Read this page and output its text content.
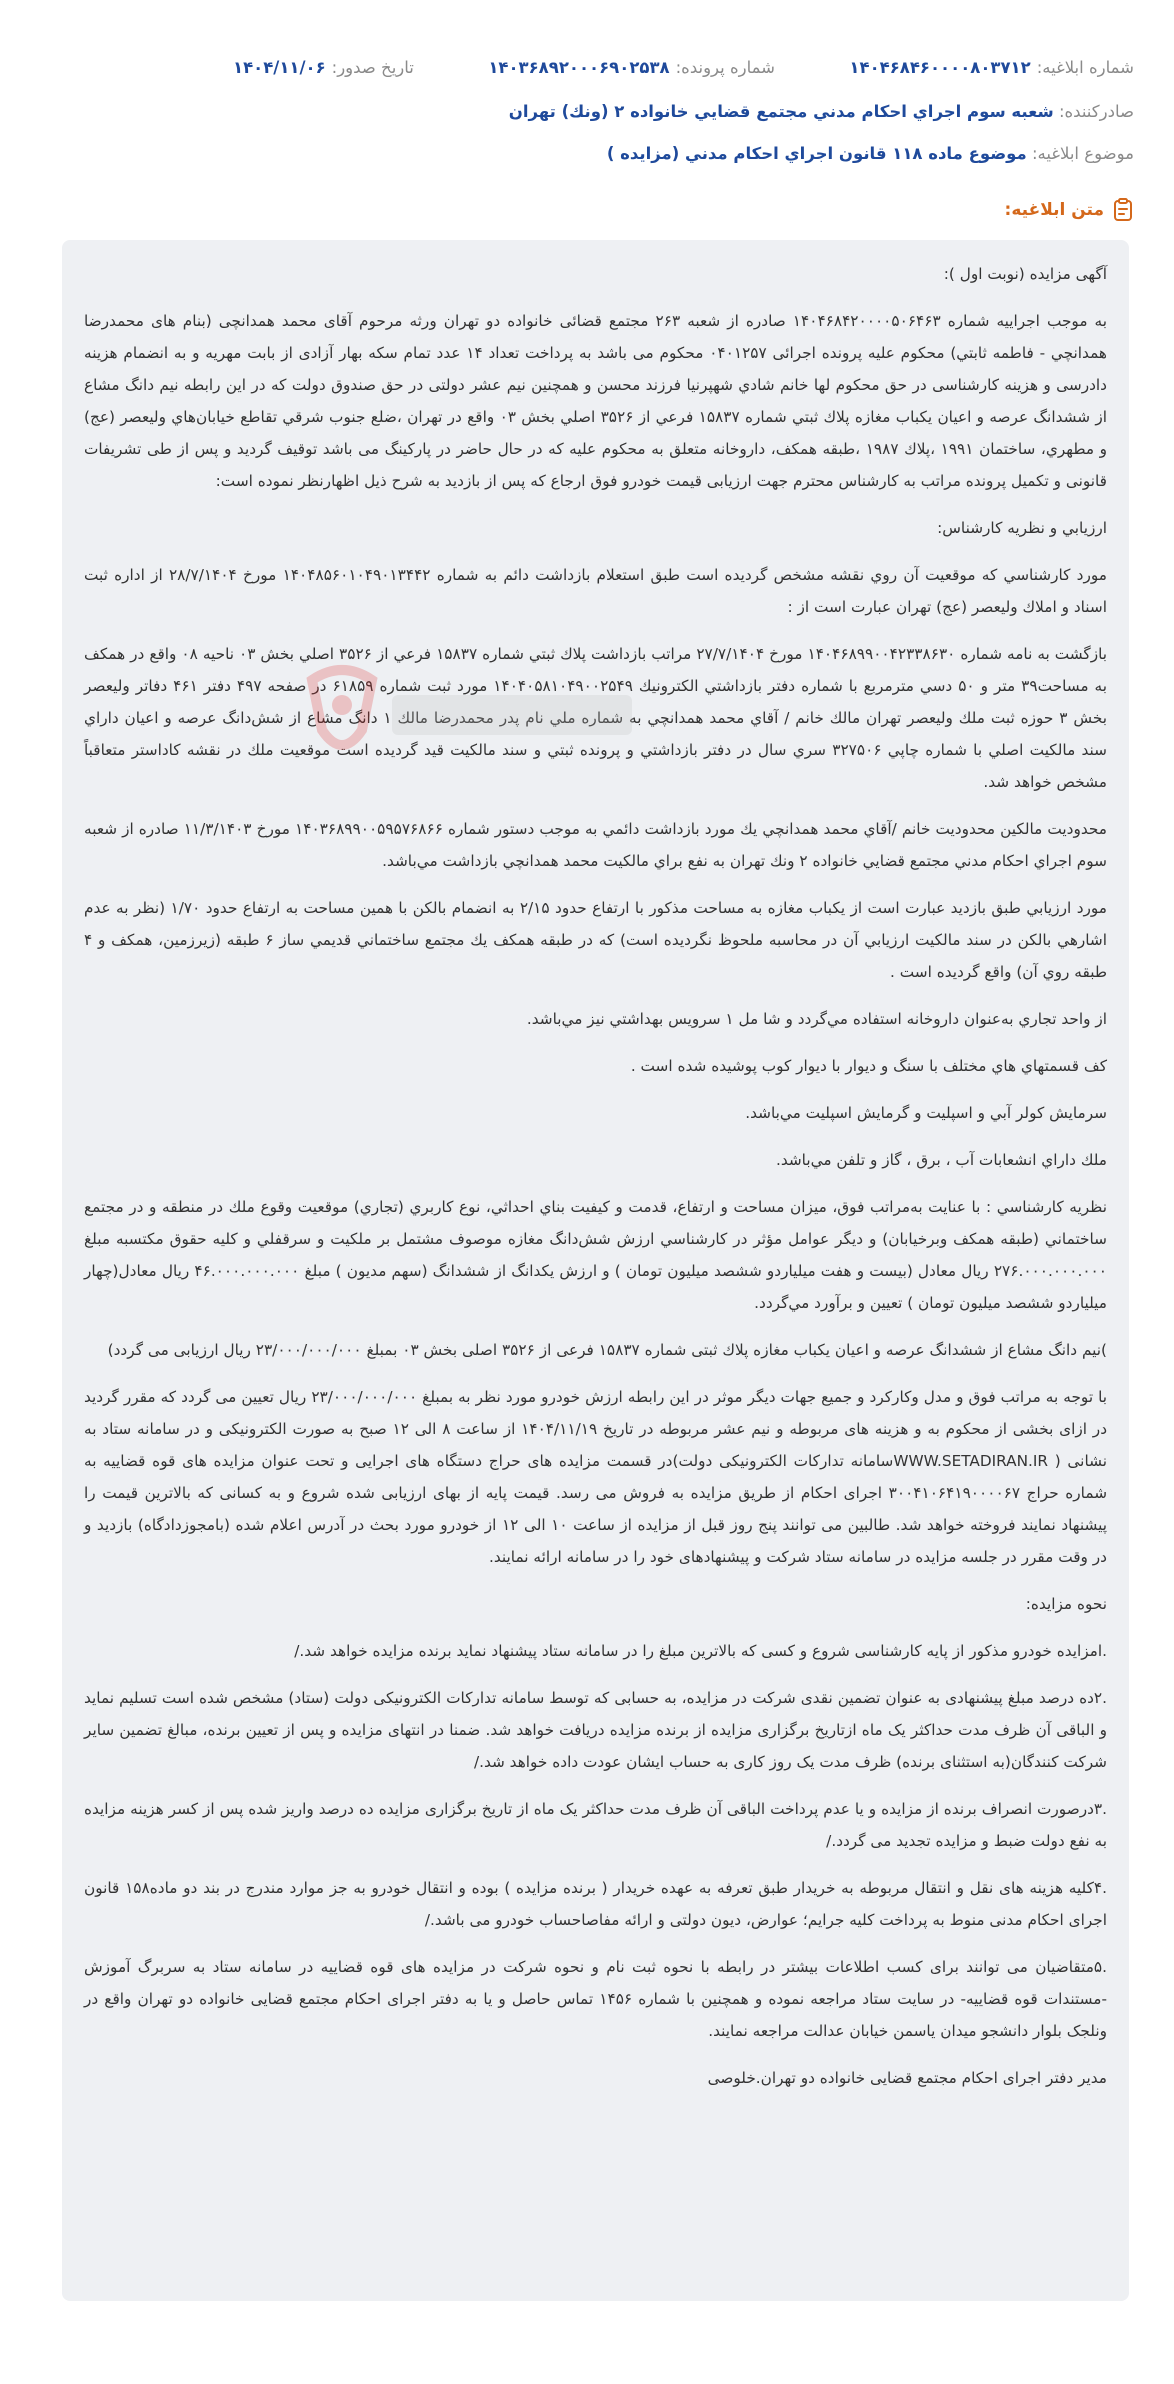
شماره ابلاغیه:
۱۴۰۴۶۸۴۶۰۰۰۰۸۰۳۷۱۲
شماره پرونده:
۱۴۰۳۶۸۹۲۰۰۰۶۹۰۲۵۳۸
تاریخ صدور:
۱۴۰۴/۱۱/۰۶
صادرکننده: شعبه سوم اجراي احكام مدني مجتمع قضايي خانواده ۲ (ونك) تهران
موضوع ابلاغیه: موضوع ماده ۱۱۸ قانون اجراي احكام مدني (مزايده )
متن ابلاغیه:

آگهی مزایده (نوبت اول ):

به موجب اجراييه شماره ۱۴۰۴۶۸۴۲۰۰۰۰۵۰۶۴۶۳ صادره از شعبه ۲۶۳ مجتمع قضائی خانواده دو تهران ورثه مرحوم آقای محمد همدانچی (بنام های محمدرضا همدانچي - فاطمه ثابتي) محكوم عليه پرونده اجرائی ۰۴۰۱۲۵۷ محكوم می باشد به پرداخت تعداد ۱۴ عدد تمام سكه بهار آزادی از بابت مهريه و به انضمام هزينه دادرسی و هزينه كارشناسی در حق محكوم لها خانم شادي شهپرنيا فرزند محسن و همچنين نيم عشر دولتی در حق صندوق دولت كه در اين رابطه نيم دانگ مشاع از ششدانگ عرصه و اعيان يكباب مغازه پلاك ثبتي شماره ۱۵۸۳۷ فرعي از ۳۵۲۶ اصلي بخش ۰۳ واقع در تهران ،ضلع جنوب شرقي تقاطع خيابان‌هاي وليعصر (عج) و مطهري، ساختمان ۱۹۹۱ ،پلاك ۱۹۸۷ ،طبقه همكف، داروخانه متعلق به محكوم عليه كه در حال حاضر در پاركينگ می باشد توقيف گرديد و پس از طی تشريفات قانونی و تكميل پرونده مراتب به كارشناس محترم جهت ارزيابی قيمت خودرو فوق ارجاع كه پس از بازديد به شرح ذيل اظهارنظر نموده است:

ارزيابي و نظريه كارشناس:

مورد كارشناسي كه موقعيت آن روي نقشه مشخص گرديده است طبق استعلام بازداشت دائم به شماره ۱۴۰۴۸۵۶۰۱۰۴۹۰۱۳۴۴۲ مورخ ۲۸/۷/۱۴۰۴ از اداره ثبت اسناد و املاك وليعصر (عج) تهران عبارت است از :

بازگشت به نامه شماره ۱۴۰۴۶۸۹۹۰۰۴۲۳۳۸۶۳۰ مورخ ۲۷/۷/۱۴۰۴ مراتب بازداشت پلاك ثبتي شماره ۱۵۸۳۷ فرعي از ۳۵۲۶ اصلي بخش ۰۳ ناحيه ۰۸ واقع در همكف به مساحت۳۹ متر و ۵۰ دسي مترمربع با شماره دفتر بازداشتي الكترونيك ۱۴۰۴۰۵۸۱۰۴۹۰۰۲۵۴۹ مورد ثبت شماره ۶۱۸۵۹ در صفحه ۴۹۷ دفتر ۴۶۱ دفاتر وليعصر بخش ۳ حوزه ثبت ملك وليعصر تهران مالك خانم / آقاي محمد همدانچي به شماره ملي نام پدر محمدرضا مالك ۱ دانگ مشاع از شش‌دانگ عرصه و اعيان داراي سند مالكيت اصلي با شماره چاپي ۳۲۷۵۰۶ سري سال در دفتر بازداشتي و پرونده ثبتي و سند مالكيت قيد گرديده است موقعيت ملك در نقشه كاداستر متعاقباً مشخص خواهد شد.

محدوديت مالكين محدوديت خانم /آقاي محمد همدانچي يك مورد بازداشت دائمي به موجب دستور شماره ۱۴۰۳۶۸۹۹۰۰۵۹۵۷۶۸۶۶ مورخ ۱۱/۳/۱۴۰۳ صادره از شعبه سوم اجراي احكام مدني مجتمع قضايي خانواده ۲ ونك تهران به نفع براي مالكيت محمد همدانچي بازداشت مي‌باشد.

مورد ارزيابي طبق بازديد عبارت است از يكباب مغازه به مساحت مذكور با ارتفاع حدود ۲/۱۵ به انضمام بالكن با همين مساحت به ارتفاع حدود ۱/۷۰ (نظر به عدم اشارهي بالكن در سند مالكيت ارزيابي آن در محاسبه ملحوظ نگرديده است) كه در طبقه همكف يك مجتمع ساختماني قديمي ساز ۶ طبقه (زيرزمين، همكف و ۴ طبقه روي آن) واقع گرديده است .

از واحد تجاري به‌عنوان داروخانه استفاده مي‌گردد و شا مل ۱ سرويس بهداشتي نيز مي‌باشد.

كف قسمتهاي هاي مختلف با سنگ و ديوار با ديوار كوب پوشيده شده است .

سرمايش كولر آبي و اسپليت و گرمايش اسپليت مي‌باشد.

ملك داراي انشعابات آب ، برق ، گاز و تلفن مي‌باشد.

نظريه كارشناسي : با عنايت به‌مراتب فوق، ميزان مساحت و ارتفاع، قدمت و كيفيت بناي احداثي، نوع كاربري (تجاري) موقعيت وقوع ملك در منطقه و در مجتمع ساختماني (طبقه همكف وبرخيابان) و ديگر عوامل مؤثر در كارشناسي ارزش شش‌دانگ مغازه موصوف مشتمل بر ملكيت و سرقفلي و كليه حقوق مكتسبه مبلغ ۲۷۶.۰۰۰.۰۰۰.۰۰۰ ريال معادل (بيست و هفت ميلياردو ششصد ميليون تومان ) و ارزش يكدانگ از ششدانگ (سهم مديون ) مبلغ ۴۶.۰۰۰.۰۰۰.۰۰۰ ريال معادل(چهار ميلياردو ششصد ميليون تومان ) تعيين و برآورد مي‌گردد.

)نيم دانگ مشاع از ششدانگ عرصه و اعيان يكباب مغازه پلاك ثبتی شماره ۱۵۸۳۷ فرعی از ۳۵۲۶ اصلی بخش ۰۳ بمبلغ ۲۳/۰۰۰/۰۰۰/۰۰۰ ريال ارزيابی می گردد)

با توجه به مراتب فوق و مدل وكاركرد و جميع جهات ديگر موثر در اين رابطه ارزش خودرو مورد نظر به بمبلغ ۲۳/۰۰۰/۰۰۰/۰۰۰ ريال تعيين می گردد كه مقرر گرديد در ازای بخشی از محكوم به و هزينه های مربوطه و نيم عشر مربوطه در تاريخ ۱۴۰۴/۱۱/۱۹ از ساعت ۸ الی ۱۲ صبح به صورت الكترونيكی و در سامانه ستاد به نشانی ( WWW.SETADIRAN.IRسامانه تداركات الكترونيكی دولت)در قسمت مزايده های حراج دستگاه های اجرايی و تحت عنوان مزايده های قوه قضاييه به شماره حراج ۳۰۰۴۱۰۶۴۱۹۰۰۰۰۶۷ اجرای احكام از طريق مزايده به فروش می رسد. قيمت پايه از بهای ارزيابی شده شروع و به كسانی كه بالاترين قيمت را پيشنهاد نمايند فروخته خواهد شد. طالبين می توانند پنج روز قبل از مزايده از ساعت ۱۰ الی ۱۲ از خودرو مورد بحث در آدرس اعلام شده (بامجوزدادگاه) بازديد و در وقت مقرر در جلسه مزايده در سامانه ستاد شركت و پيشنهادهای خود را در سامانه ارائه نمايند.

نحوه مزايده:

.امزايده خودرو مذكور از پايه كارشناسی شروع و كسی كه بالاترين مبلغ را در سامانه ستاد پيشنهاد نمايد برنده مزايده خواهد شد./

.۲ده درصد مبلغ پيشنهادی به عنوان تضمين نقدی شركت در مزايده، به حسابی كه توسط سامانه تداركات الكترونيكی دولت (ستاد) مشخص شده است تسليم نمايد و الباقی آن ظرف مدت حداكثر يک ماه ازتاريخ برگزاری مزايده از برنده مزايده دريافت خواهد شد. ضمنا در انتهای مزايده و پس از تعيين برنده، مبالغ تضمين ساير شركت كنندگان(به استثنای برنده) ظرف مدت يک روز كاری به حساب ايشان عودت داده خواهد شد./

.۳درصورت انصراف برنده از مزايده و يا عدم پرداخت الباقی آن ظرف مدت حداكثر يک ماه از تاريخ برگزاری مزايده ده درصد واريز شده پس از كسر هزينه مزايده به نفع دولت ضبط و مزايده تجديد می گردد./

.۴كليه هزينه های نقل و انتقال مربوطه به خريدار طبق تعرفه به عهده خريدار ( برنده مزايده ) بوده و انتقال خودرو به جز موارد مندرج در بند دو ماده۱۵۸ قانون اجرای احكام مدنی منوط به پرداخت كليه جرايم؛ عوارض، ديون دولتی و ارائه مفاصاحساب خودرو می باشد./

.۵متقاضيان می توانند برای كسب اطلاعات بيشتر در رابطه با نحوه ثبت نام و نحوه شركت در مزايده های قوه قضاييه در سامانه ستاد به سربرگ آموزش -مستندات قوه قضاييه- در سايت ستاد مراجعه نموده و همچنين با شماره ۱۴۵۶ تماس حاصل و يا به دفتر اجرای احكام مجتمع قضايی خانواده دو تهران واقع در ونلجک بلوار دانشجو ميدان ياسمن خيابان عدالت مراجعه نمايند.

مدير دفتر اجرای احكام مجتمع قضايی خانواده دو تهران.خلوصی
